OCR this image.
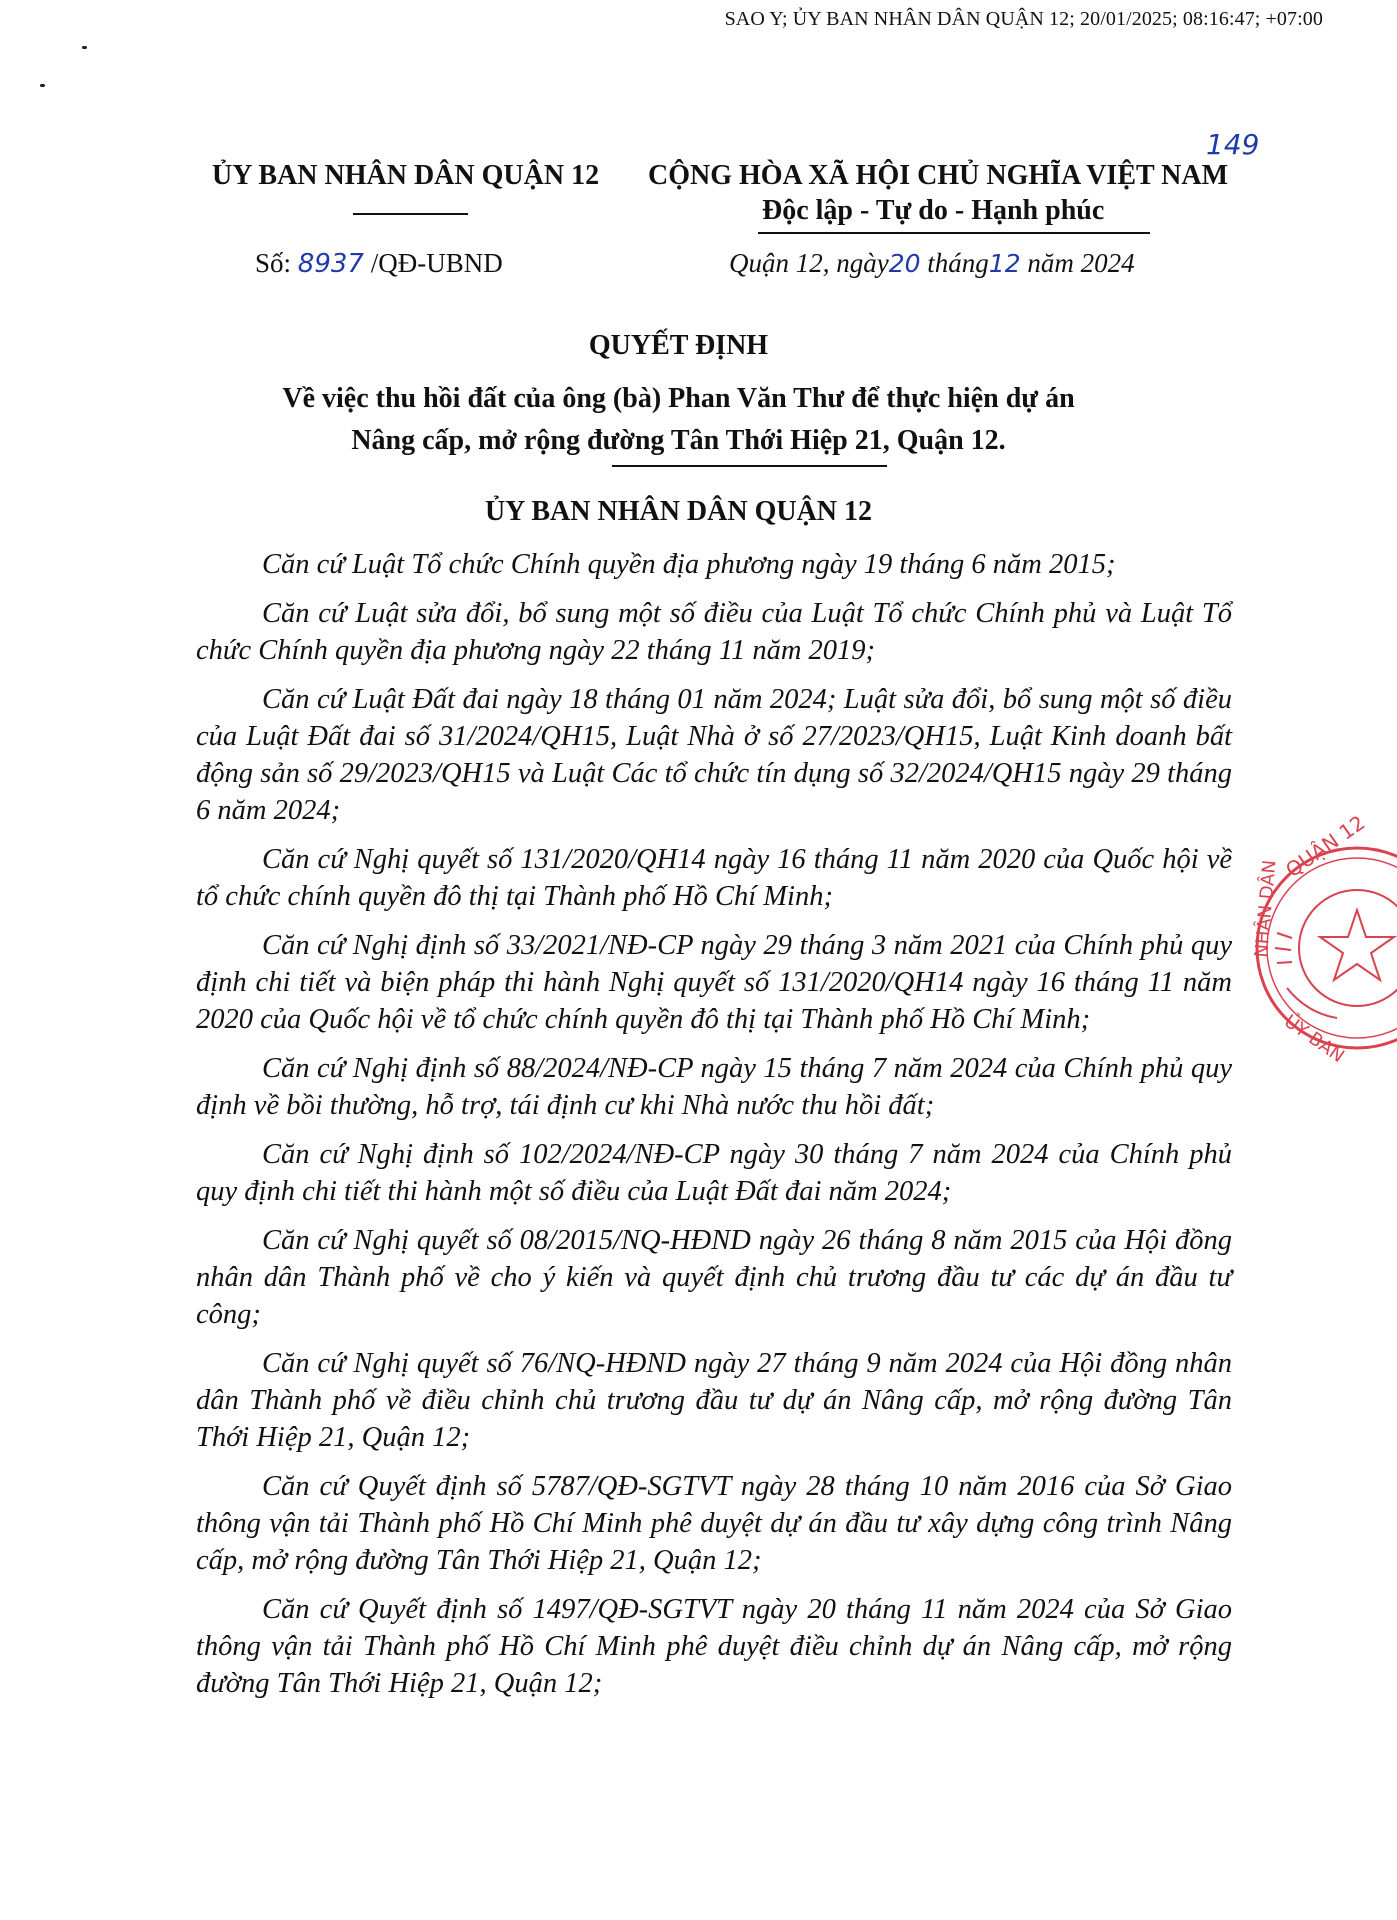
SAO Y; ỦY BAN NHÂN DÂN QUẬN 12; 20/01/2025; 08:16:47; +07:00
149
ỦY BAN NHÂN DÂN QUẬN 12 CỘNG HÒA XÃ HỘI CHỦ NGHĨA VIỆT NAM
Độc lập - Tự do - Hạnh phúc
Số: 8937 /QĐ-UBND	Quận 12, ngày20 tháng12 năm 2024
QUYẾT ĐỊNH
Về việc thu hồi đất của ông (bà) Phan Văn Thư để thực hiện dự án
Nâng cấp, mở rộng đường Tân Thới Hiệp 21, Quận 12.
ỦY BAN NHÂN DÂN QUẬN 12

Căn cứ Luật Tổ chức Chính quyền địa phương ngày 19 tháng 6 năm 2015;

Căn cứ Luật sửa đổi, bổ sung một số điều của Luật Tổ chức Chính phủ và Luật Tổ chức Chính quyền địa phương ngày 22 tháng 11 năm 2019;

Căn cứ Luật Đất đai ngày 18 tháng 01 năm 2024; Luật sửa đổi, bổ sung một số điều của Luật Đất đai số 31/2024/QH15, Luật Nhà ở số 27/2023/QH15, Luật Kinh doanh bất động sản số 29/2023/QH15 và Luật Các tổ chức tín dụng số 32/2024/QH15 ngày 29 tháng 6 năm 2024;

Căn cứ Nghị quyết số 131/2020/QH14 ngày 16 tháng 11 năm 2020 của Quốc hội về tổ chức chính quyền đô thị tại Thành phố Hồ Chí Minh;

Căn cứ Nghị định số 33/2021/NĐ-CP ngày 29 tháng 3 năm 2021 của Chính phủ quy định chi tiết và biện pháp thi hành Nghị quyết số 131/2020/QH14 ngày 16 tháng 11 năm 2020 của Quốc hội về tổ chức chính quyền đô thị tại Thành phố Hồ Chí Minh;

Căn cứ Nghị định số 88/2024/NĐ-CP ngày 15 tháng 7 năm 2024 của Chính phủ quy định về bồi thường, hỗ trợ, tái định cư khi Nhà nước thu hồi đất;

Căn cứ Nghị định số 102/2024/NĐ-CP ngày 30 tháng 7 năm 2024 của Chính phủ quy định chi tiết thi hành một số điều của Luật Đất đai năm 2024;

Căn cứ Nghị quyết số 08/2015/NQ-HĐND ngày 26 tháng 8 năm 2015 của Hội đồng nhân dân Thành phố về cho ý kiến và quyết định chủ trương đầu tư các dự án đầu tư công;

Căn cứ Nghị quyết số 76/NQ-HĐND ngày 27 tháng 9 năm 2024 của Hội đồng nhân dân Thành phố về điều chỉnh chủ trương đầu tư dự án Nâng cấp, mở rộng đường Tân Thới Hiệp 21, Quận 12;

Căn cứ Quyết định số 5787/QĐ-SGTVT ngày 28 tháng 10 năm 2016 của Sở Giao thông vận tải Thành phố Hồ Chí Minh phê duyệt dự án đầu tư xây dựng công trình Nâng cấp, mở rộng đường Tân Thới Hiệp 21, Quận 12;

Căn cứ Quyết định số 1497/QĐ-SGTVT ngày 20 tháng 11 năm 2024 của Sở Giao thông vận tải Thành phố Hồ Chí Minh phê duyệt điều chỉnh dự án Nâng cấp, mở rộng đường Tân Thới Hiệp 21, Quận 12;

QUẬN 12
NHÂN DÂN
ỦY BAN
